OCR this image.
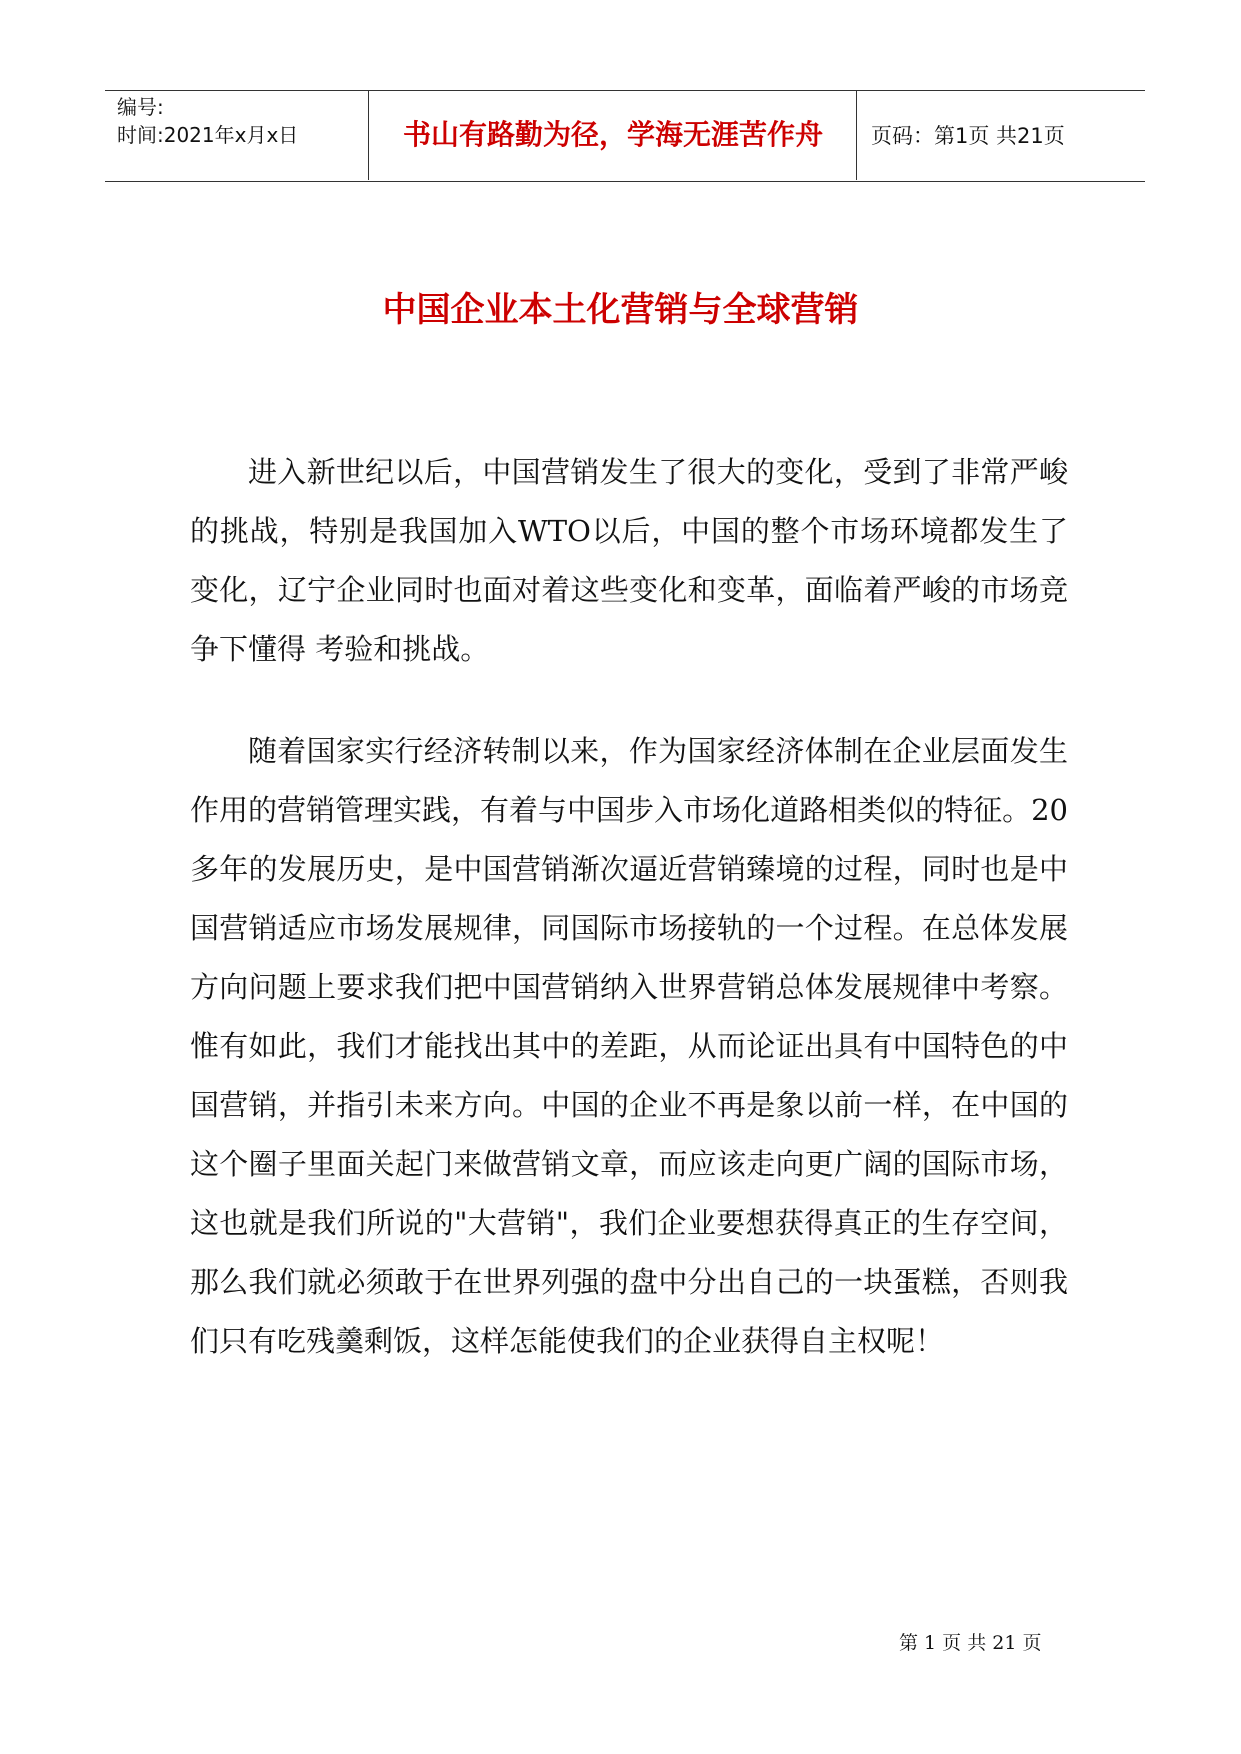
编号:
时间:2021年x月x日	书山有路勤为径，学海无涯苦作舟	页码：第1页 共21页
中国企业本土化营销与全球营销

进入新世纪以后，中国营销发生了很大的变化，受到了非常严峻的挑战，特别是我国加入WTO以后，中国的整个市场环境都发生了变化，辽宁企业同时也面对着这些变化和变革，面临着严峻的市场竞争下懂得 考验和挑战。

随着国家实行经济转制以来，作为国家经济体制在企业层面发生作用的营销管理实践，有着与中国步入市场化道路相类似的特征。20多年的发展历史，是中国营销渐次逼近营销臻境的过程，同时也是中国营销适应市场发展规律，同国际市场接轨的一个过程。在总体发展方向问题上要求我们把中国营销纳入世界营销总体发展规律中考察。惟有如此，我们才能找出其中的差距，从而论证出具有中国特色的中国营销，并指引未来方向。中国的企业不再是象以前一样，在中国的这个圈子里面关起门来做营销文章，而应该走向更广阔的国际市场，这也就是我们所说的"大营销"，我们企业要想获得真正的生存空间，那么我们就必须敢于在世界列强的盘中分出自己的一块蛋糕，否则我们只有吃残羹剩饭，这样怎能使我们的企业获得自主权呢！

第 1 页 共 21 页
